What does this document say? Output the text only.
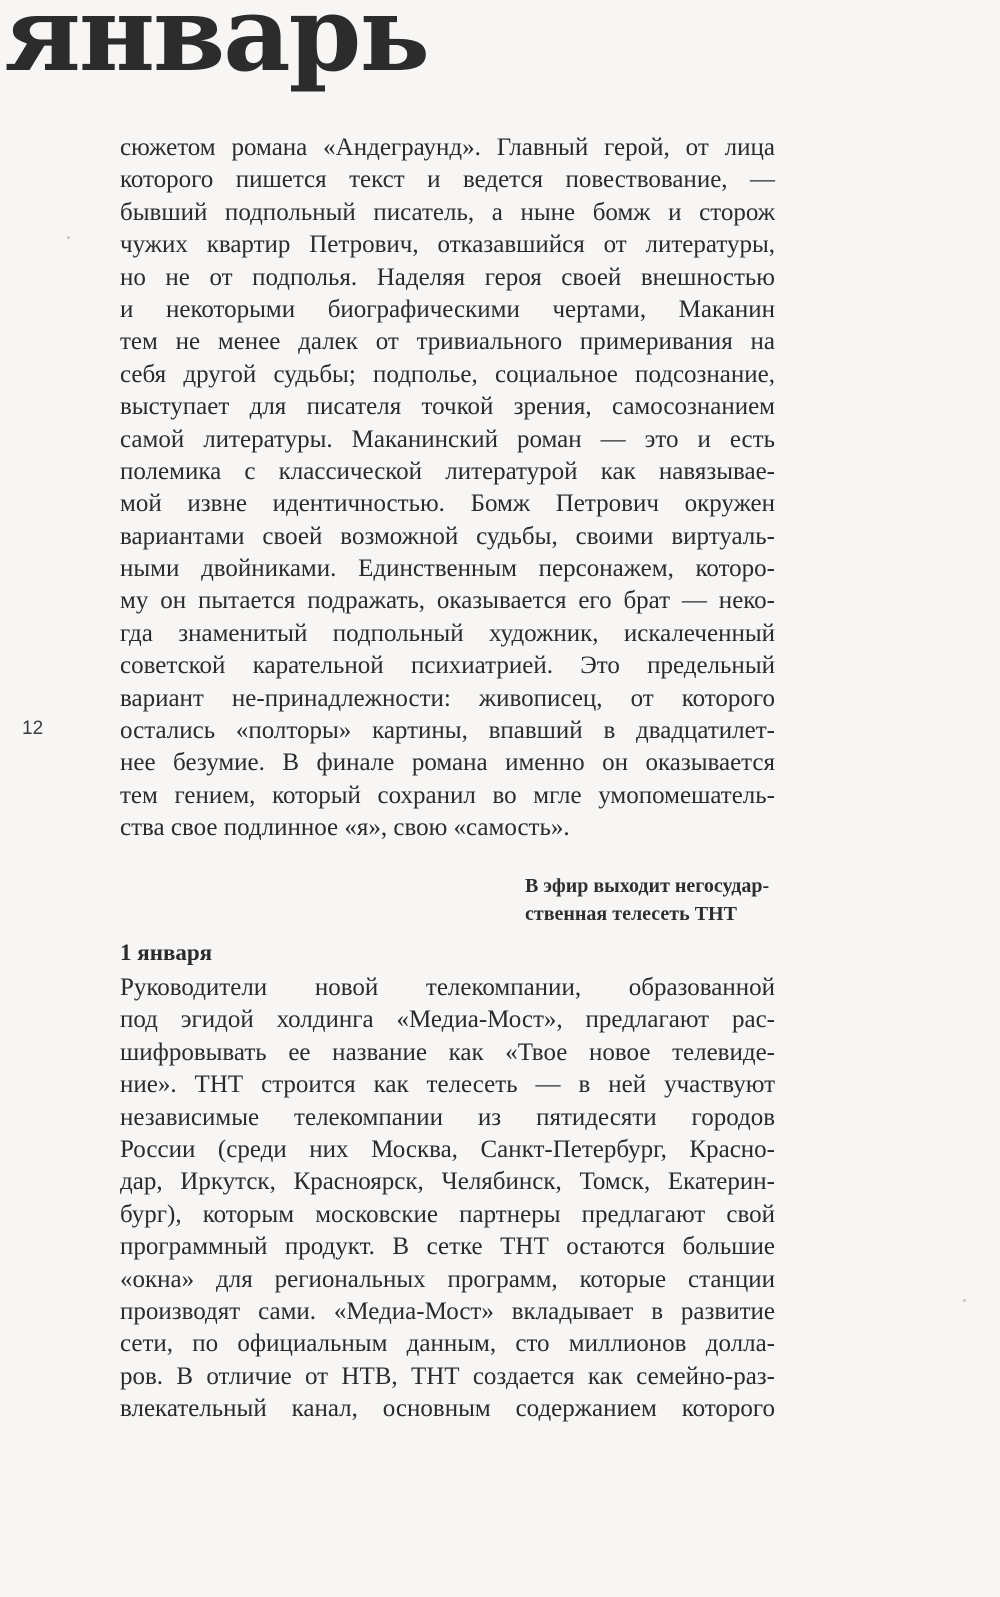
январь
12
сюжетом романа «Андеграунд». Главный герой, от лица
которого пишется текст и ведется повествование, —
бывший подпольный писатель, а ныне бомж и сторож
чужих квартир Петрович, отказавшийся от литературы,
но не от подполья. Наделяя героя своей внешностью
и некоторыми биографическими чертами, Маканин
тем не менее далек от тривиального примеривания на
себя другой судьбы; подполье, социальное подсознание,
выступает для писателя точкой зрения, самосознанием
самой литературы. Маканинский роман — это и есть
полемика с классической литературой как навязывае-
мой извне идентичностью. Бомж Петрович окружен
вариантами своей возможной судьбы, своими виртуаль-
ными двойниками. Единственным персонажем, которо-
му он пытается подражать, оказывается его брат — неко-
гда знаменитый подпольный художник, искалеченный
советской карательной психиатрией. Это предельный
вариант не-принадлежности: живописец, от которого
остались «полторы» картины, впавший в двадцатилет-
нее безумие. В финале романа именно он оказывается
тем гением, который сохранил во мгле умопомешатель-
ства свое подлинное «я», свою «самость».
В эфир выходит негосудар-
ственная телесеть ТНТ
1 января
Руководители новой телекомпании, образованной
под эгидой холдинга «Медиа-Мост», предлагают рас-
шифровывать ее название как «Твое новое телевиде-
ние». ТНТ строится как телесеть — в ней участвуют
независимые телекомпании из пятидесяти городов
России (среди них Москва, Санкт-Петербург, Красно-
дар, Иркутск, Красноярск, Челябинск, Томск, Екатерин-
бург), которым московские партнеры предлагают свой
программный продукт. В сетке ТНТ остаются большие
«окна» для региональных программ, которые станции
производят сами. «Медиа-Мост» вкладывает в развитие
сети, по официальным данным, сто миллионов долла-
ров. В отличие от НТВ, ТНТ создается как семейно-раз-
влекательный канал, основным содержанием которого
